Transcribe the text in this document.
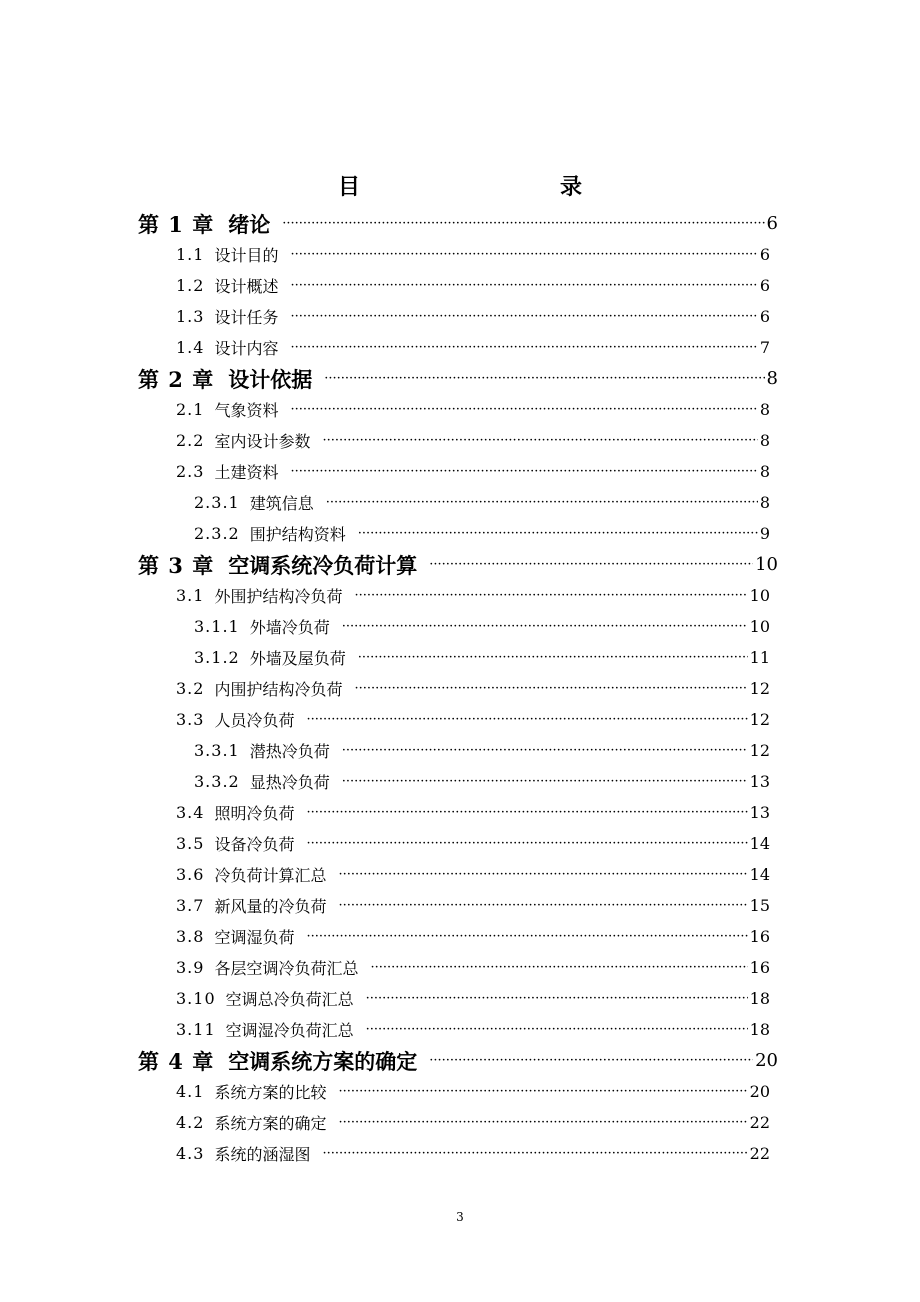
目　　录
第 1 章 绪论 ·····	6
1.1 设计目的 ·····	6
1.2 设计概述 ·····	6
1.3 设计任务 ·····	6
1.4 设计内容 ·····	7
第 2 章 设计依据 ·····	8
2.1 气象资料 ·····	8
2.2 室内设计参数 ·····	8
2.3 土建资料 ·····	8
2.3.1 建筑信息 ·····	8
2.3.2 围护结构资料 ·····	9
第 3 章 空调系统冷负荷计算 ·····	10
3.1 外围护结构冷负荷 ·····	10
3.1.1 外墙冷负荷 ·····	10
3.1.2 外墙及屋负荷 ·····	11
3.2 内围护结构冷负荷 ·····	12
3.3 人员冷负荷 ·····	12
3.3.1 潜热冷负荷 ·····	12
3.3.2 显热冷负荷 ·····	13
3.4 照明冷负荷 ·····	13
3.5 设备冷负荷 ·····	14
3.6 冷负荷计算汇总 ·····	14
3.7 新风量的冷负荷 ·····	15
3.8 空调湿负荷 ·····	16
3.9 各层空调冷负荷汇总 ·····	16
3.10 空调总冷负荷汇总 ·····	18
3.11 空调湿冷负荷汇总 ·····	18
第 4 章 空调系统方案的确定 ·····	20
4.1 系统方案的比较 ·····	20
4.2 系统方案的确定 ·····	22
4.3 系统的涵湿图 ·····	22
3
